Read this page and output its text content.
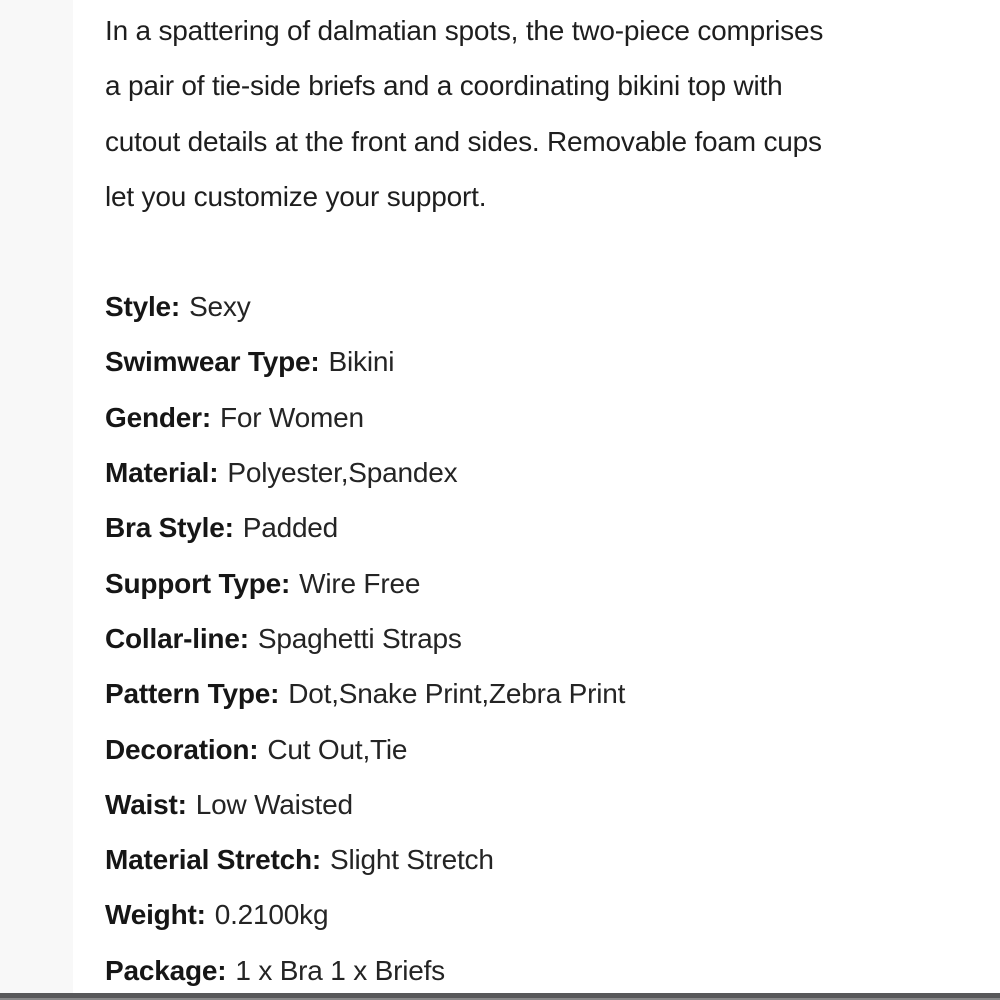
In a spattering of dalmatian spots, the two-piece comprises
a pair of tie-side briefs and a coordinating bikini top with
cutout details at the front and sides. Removable foam cups
let you customize your support.
Style: Sexy
Swimwear Type: Bikini
Gender: For Women
Material: Polyester,Spandex
Bra Style: Padded
Support Type: Wire Free
Collar-line: Spaghetti Straps
Pattern Type: Dot,Snake Print,Zebra Print
Decoration: Cut Out,Tie
Waist: Low Waisted
Material Stretch: Slight Stretch
Weight: 0.2100kg
Package: 1 x Bra 1 x Briefs
